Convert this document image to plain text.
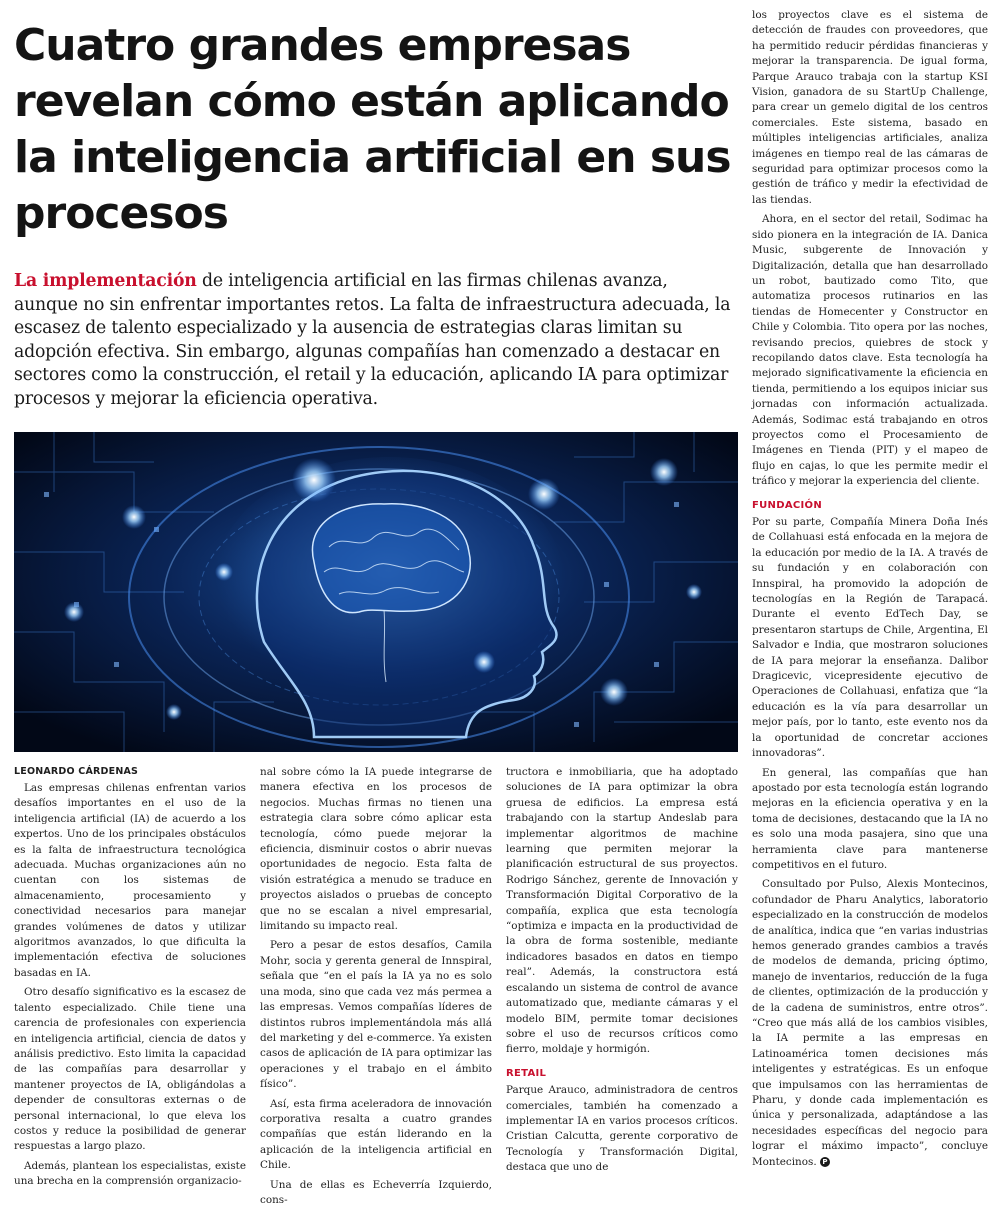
Cuatro grandes empresas
revelan cómo están aplicando
la inteligencia artificial en sus
procesos

La implementación de inteligencia artificial en las firmas chilenas avanza, aunque no sin enfrentar importantes retos. La falta de infraestructura adecuada, la escasez de talento especializado y la ausencia de estrategias claras limitan su adopción efectiva. Sin embargo, algunas compañías han comenzado a destacar en sectores como la construcción, el retail y la educación, aplicando IA para optimizar procesos y mejorar la eficiencia operativa.

LEONARDO CÁRDENAS

Las empresas chilenas enfrentan varios desafíos importantes en el uso de la inteligencia artificial (IA) de acuerdo a los expertos. Uno de los principales obstáculos es la falta de infraestructura tecnológica adecuada. Muchas organizaciones aún no cuentan con los sistemas de almacenamiento, procesamiento y conectividad necesarios para manejar grandes volúmenes de datos y utilizar algoritmos avanzados, lo que dificulta la implementación efectiva de soluciones basadas en IA.

Otro desafío significativo es la escasez de talento especializado. Chile tiene una carencia de profesionales con experiencia en inteligencia artificial, ciencia de datos y análisis predictivo. Esto limita la capacidad de las compañías para desarrollar y mantener proyectos de IA, obligándolas a depender de consultoras externas o de personal internacional, lo que eleva los costos y reduce la posibilidad de generar respuestas a largo plazo.

Además, plantean los especialistas, existe una brecha en la comprensión organizacio-

nal sobre cómo la IA puede integrarse de manera efectiva en los procesos de negocios. Muchas firmas no tienen una estrategia clara sobre cómo aplicar esta tecnología, cómo puede mejorar la eficiencia, disminuir costos o abrir nuevas oportunidades de negocio. Esta falta de visión estratégica a menudo se traduce en proyectos aislados o pruebas de concepto que no se escalan a nivel empresarial, limitando su impacto real.

Pero a pesar de estos desafíos, Camila Mohr, socia y gerenta general de Innspiral, señala que “en el país la IA ya no es solo una moda, sino que cada vez más permea a las empresas. Vemos compañías líderes de distintos rubros implementándola más allá del marketing y del e-commerce. Ya existen casos de aplicación de IA para optimizar las operaciones y el trabajo en el ámbito físico”.

Así, esta firma aceleradora de innovación corporativa resalta a cuatro grandes compañías que están liderando en la aplicación de la inteligencia artificial en Chile.

Una de ellas es Echeverría Izquierdo, cons-

tructora e inmobiliaria, que ha adoptado soluciones de IA para optimizar la obra gruesa de edificios. La empresa está trabajando con la startup Andeslab para implementar algoritmos de machine learning que permiten mejorar la planificación estructural de sus proyectos. Rodrigo Sánchez, gerente de Innovación y Transformación Digital Corporativo de la compañía, explica que esta tecnología “optimiza e impacta en la productividad de la obra de forma sostenible, mediante indicadores basados en datos en tiempo real”. Además, la constructora está escalando un sistema de control de avance automatizado que, mediante cámaras y el modelo BIM, permite tomar decisiones sobre el uso de recursos críticos como fierro, moldaje y hormigón.

RETAIL

Parque Arauco, administradora de centros comerciales, también ha comenzado a implementar IA en varios procesos críticos. Cristian Calcutta, gerente corporativo de Tecnología y Transformación Digital, destaca que uno de

los proyectos clave es el sistema de detección de fraudes con proveedores, que ha permitido reducir pérdidas financieras y mejorar la transparencia. De igual forma, Parque Arauco trabaja con la startup KSI Vision, ganadora de su StartUp Challenge, para crear un gemelo digital de los centros comerciales. Este sistema, basado en múltiples inteligencias artificiales, analiza imágenes en tiempo real de las cámaras de seguridad para optimizar procesos como la gestión de tráfico y medir la efectividad de las tiendas.

Ahora, en el sector del retail, Sodimac ha sido pionera en la integración de IA. Danica Music, subgerente de Innovación y Digitalización, detalla que han desarrollado un robot, bautizado como Tito, que automatiza procesos rutinarios en las tiendas de Homecenter y Constructor en Chile y Colombia. Tito opera por las noches, revisando precios, quiebres de stock y recopilando datos clave. Esta tecnología ha mejorado significativamente la eficiencia en tienda, permitiendo a los equipos iniciar sus jornadas con información actualizada. Además, Sodimac está trabajando en otros proyectos como el Procesamiento de Imágenes en Tienda (PIT) y el mapeo de flujo en cajas, lo que les permite medir el tráfico y mejorar la experiencia del cliente.

FUNDACIÓN

Por su parte, Compañía Minera Doña Inés de Collahuasi está enfocada en la mejora de la educación por medio de la IA. A través de su fundación y en colaboración con Innspiral, ha promovido la adopción de tecnologías en la Región de Tarapacá. Durante el evento EdTech Day, se presentaron startups de Chile, Argentina, El Salvador e India, que mostraron soluciones de IA para mejorar la enseñanza. Dalibor Dragicevic, vicepresidente ejecutivo de Operaciones de Collahuasi, enfatiza que “la educación es la vía para desarrollar un mejor país, por lo tanto, este evento nos da la oportunidad de concretar acciones innovadoras”.

En general, las compañías que han apostado por esta tecnología están logrando mejoras en la eficiencia operativa y en la toma de decisiones, destacando que la IA no es solo una moda pasajera, sino que una herramienta clave para mantenerse competitivos en el futuro.

Consultado por Pulso, Alexis Montecinos, cofundador de Pharu Analytics, laboratorio especializado en la construcción de modelos de analítica, indica que “en varias industrias hemos generado grandes cambios a través de modelos de demanda, pricing óptimo, manejo de inventarios, reducción de la fuga de clientes, optimización de la producción y de la cadena de suministros, entre otros”. “Creo que más allá de los cambios visibles, la IA permite a las empresas en Latinoamérica tomen decisiones más inteligentes y estratégicas. Es un enfoque que impulsamos con las herramientas de Pharu, y donde cada implementación es única y personalizada, adaptándose a las necesidades específicas del negocio para lograr el máximo impacto”, concluye Montecinos. P
